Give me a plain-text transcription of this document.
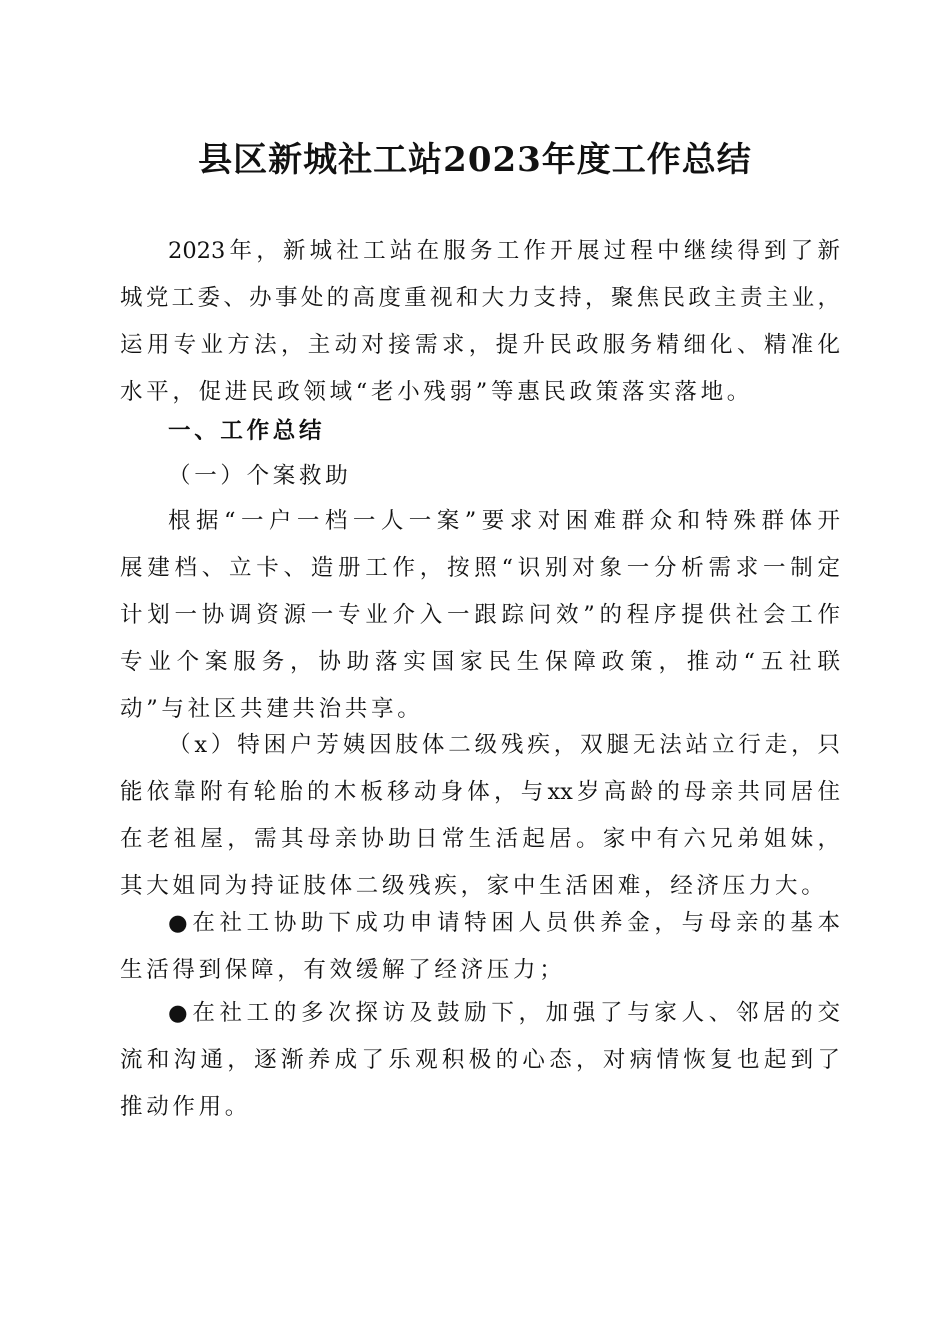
县区新城社工站2023年度工作总结
2023年，新城社工站在服务工作开展过程中继续得到了新
城党工委、办事处的高度重视和大力支持，聚焦民政主责主业，
运用专业方法，主动对接需求，提升民政服务精细化、精准化
水平，促进民政领域“老小残弱”等惠民政策落实落地。
一、工作总结
（一）个案救助
根据“一户一档一人一案”要求对困难群众和特殊群体开
展建档、立卡、造册工作，按照“识别对象一分析需求一制定
计划一协调资源一专业介入一跟踪问效”的程序提供社会工作
专业个案服务，协助落实国家民生保障政策，推动“五社联
动”与社区共建共治共享。
（x）特困户芳姨因肢体二级残疾，双腿无法站立行走，只
能依靠附有轮胎的木板移动身体，与xx岁高龄的母亲共同居住
在老祖屋，需其母亲协助日常生活起居。家中有六兄弟姐妹，
其大姐同为持证肢体二级残疾，家中生活困难，经济压力大。
●在社工协助下成功申请特困人员供养金，与母亲的基本
生活得到保障，有效缓解了经济压力；
●在社工的多次探访及鼓励下，加强了与家人、邻居的交
流和沟通，逐渐养成了乐观积极的心态，对病情恢复也起到了
推动作用。
